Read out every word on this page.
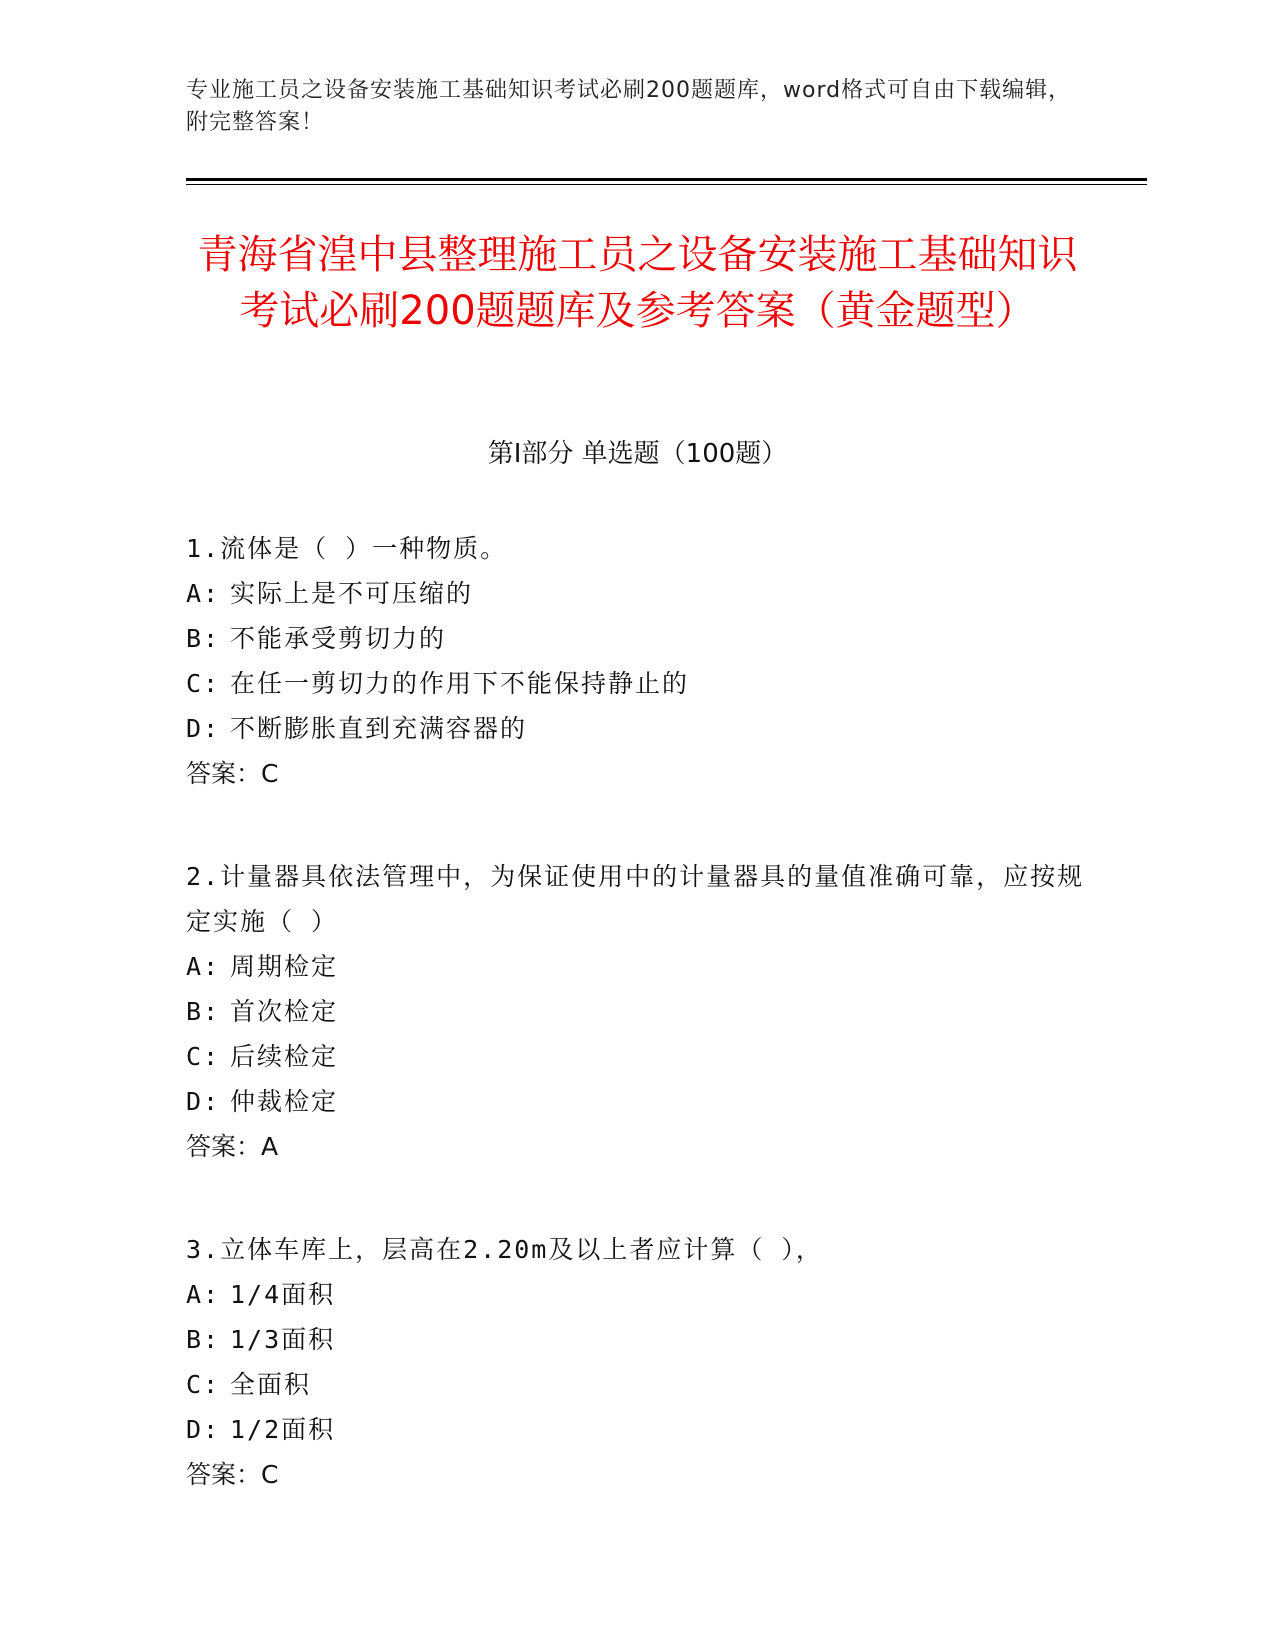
专业施工员之设备安装施工基础知识考试必刷200题题库，word格式可自由下载编辑，附完整答案！
青海省湟中县整理施工员之设备安装施工基础知识考试必刷200题题库及参考答案（黄金题型）
第Ⅰ部分 单选题（100题）
1.流体是（ ）一种物质。
A: 实际上是不可压缩的
B: 不能承受剪切力的
C: 在任一剪切力的作用下不能保持静止的
D: 不断膨胀直到充满容器的
答案：C
2.计量器具依法管理中，为保证使用中的计量器具的量值准确可靠，应按规定实施（ ）
A: 周期检定
B: 首次检定
C: 后续检定
D: 仲裁检定
答案：A
3.立体车库上，层高在2.20m及以上者应计算（ ），
A: 1/4面积
B: 1/3面积
C: 全面积
D: 1/2面积
答案：C
